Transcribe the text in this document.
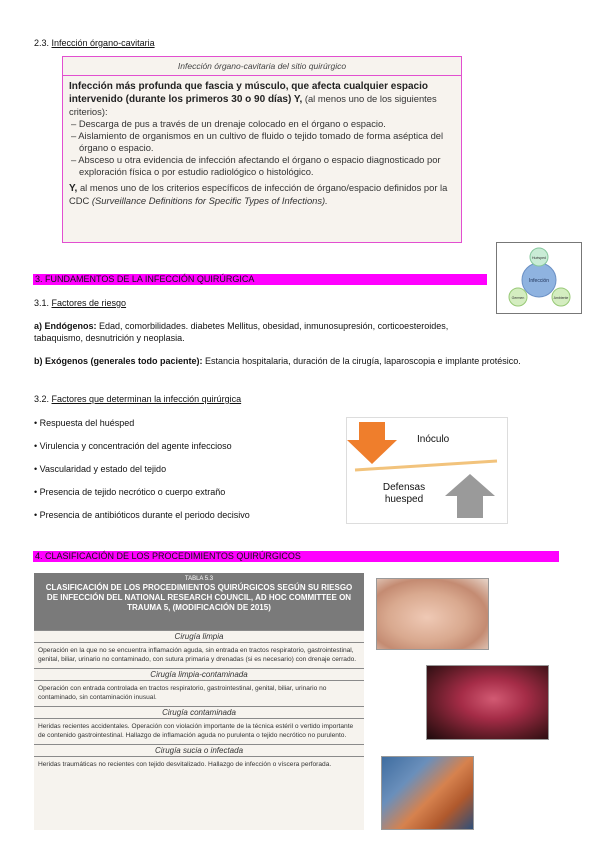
2.3. Infección órgano-cavitaria
Infección órgano-cavitaria del sitio quirúrgico
Infección más profunda que fascia y músculo, que afecta cualquier espacio intervenido (durante los primeros 30 o 90 días) Y, (al menos uno de los siguientes criterios):
– Descarga de pus a través de un drenaje colocado en el órgano o espacio.
– Aislamiento de organismos en un cultivo de fluido o tejido tomado de forma aséptica del órgano o espacio.
– Absceso u otra evidencia de infección afectando el órgano o espacio diagnosticado por exploración física o por estudio radiológico o histológico.
Y, al menos uno de los criterios específicos de infección de órgano/espacio definidos por la CDC (Surveillance Definitions for Specific Types of Infections).
3. FUNDAMENTOS DE LA INFECCIÓN QUIRÚRGICA	Infección
Huésped
Germen	Ambiente
3.1. Factores de riesgo
a) Endógenos: Edad, comorbilidades. diabetes Mellitus, obesidad, inmunosupresión, corticoesteroides, tabaquismo, desnutrición y neoplasia.
b) Exógenos (generales todo paciente): Estancia hospitalaria, duración de la cirugía, laparoscopia e implante protésico.
3.2. Factores que determinan la infección quirúrgica
• Respuesta del huésped
• Virulencia y concentración del agente infeccioso
• Vascularidad y estado del tejido
• Presencia de tejido necrótico o cuerpo extraño
• Presencia de antibióticos durante el periodo decisivo
Inóculo
Defensas huesped
4. CLASIFICACIÓN DE LOS PROCEDIMIENTOS QUIRÚRGICOS
TABLA 5.3
CLASIFICACIÓN DE LOS PROCEDIMIENTOS QUIRÚRGICOS SEGÚN SU RIESGO DE INFECCIÓN DEL NATIONAL RESEARCH COUNCIL, AD HOC COMMITTEE ON TRAUMA 5, (MODIFICACIÓN DE 2015)
Cirugía limpia
Operación en la que no se encuentra inflamación aguda, sin entrada en tractos respiratorio, gastrointestinal, genital, biliar, urinario no contaminado, con sutura primaria y drenadas (si es necesario) con drenaje cerrado.
Cirugía limpia-contaminada
Operación con entrada controlada en tractos respiratorio, gastrointestinal, genital, biliar, urinario no contaminado, sin contaminación inusual.
Cirugía contaminada
Heridas recientes accidentales. Operación con violación importante de la técnica estéril o vertido importante de contenido gastrointestinal. Hallazgo de inflamación aguda no purulenta o tejido necrótico no purulento.
Cirugía sucia o infectada
Heridas traumáticas no recientes con tejido desvitalizado. Hallazgo de infección o víscera perforada.
